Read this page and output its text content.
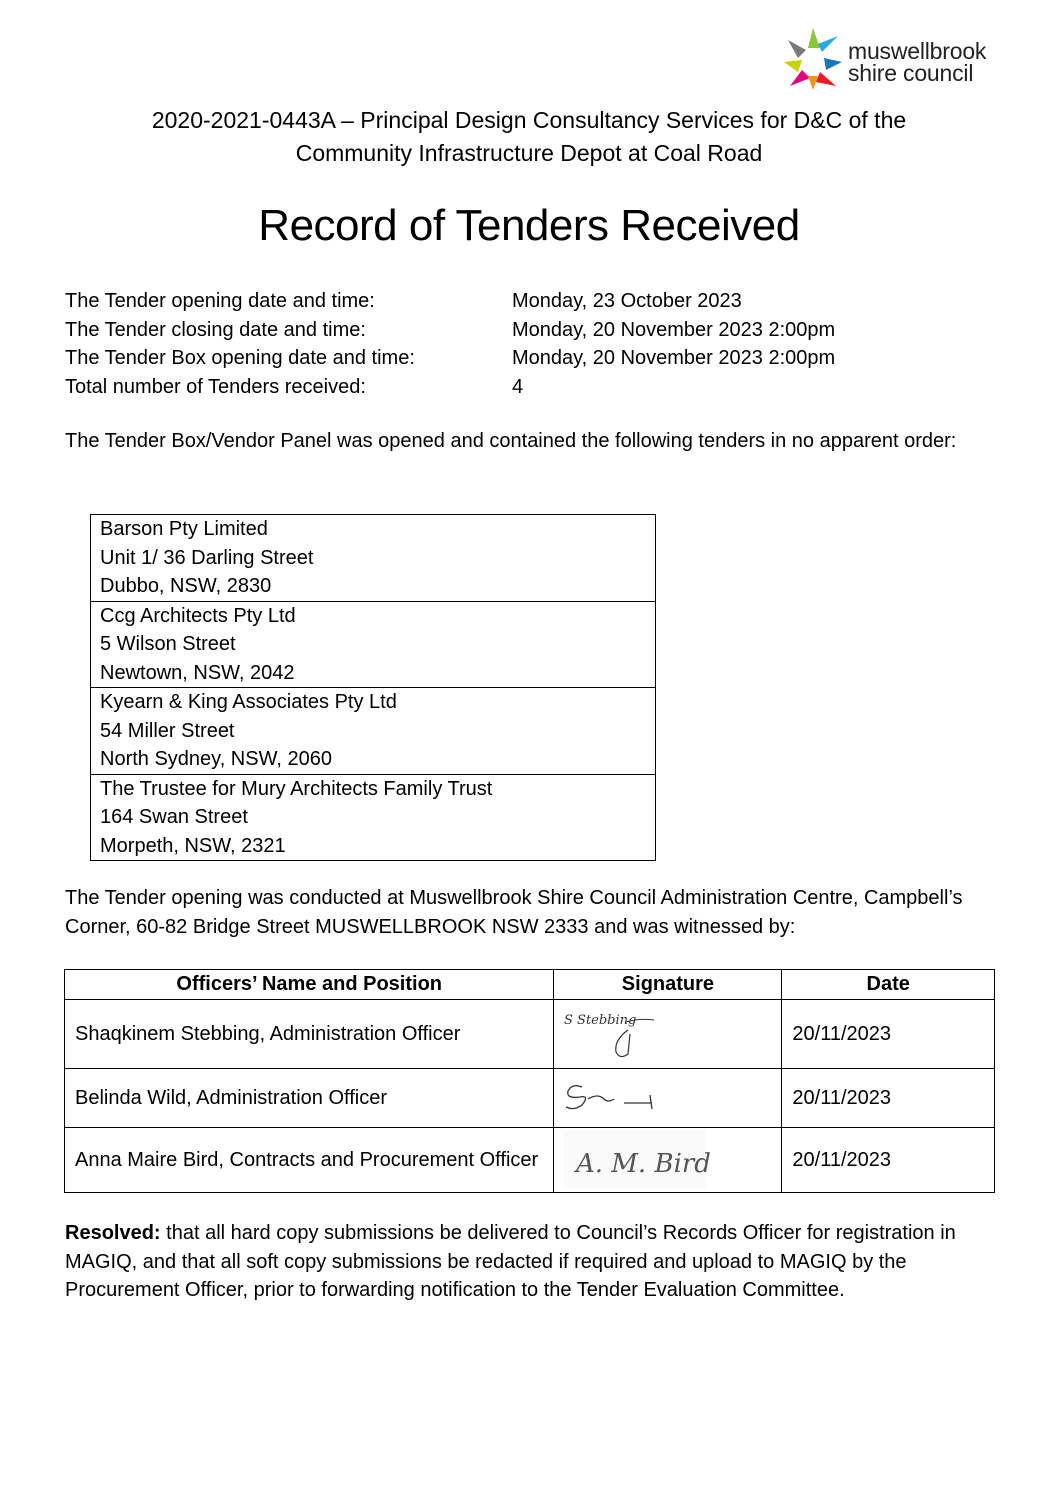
muswellbrook
shire council
2020-2021-0443A – Principal Design Consultancy Services for D&C of the
Community Infrastructure Depot at Coal Road
Record of Tenders Received
The Tender opening date and time:	Monday, 23 October 2023
The Tender closing date and time:	Monday, 20 November 2023 2:00pm
The Tender Box opening date and time:	Monday, 20 November 2023 2:00pm
Total number of Tenders received:	4
The Tender Box/Vendor Panel was opened and contained the following tenders in no apparent order:
Barson Pty Limited
Unit 1/ 36 Darling Street
Dubbo, NSW, 2830

Ccg Architects Pty Ltd
5 Wilson Street
Newtown, NSW, 2042

Kyearn & King Associates Pty Ltd
54 Miller Street
North Sydney, NSW, 2060

The Trustee for Mury Architects Family Trust
164 Swan Street
Morpeth, NSW, 2321
The Tender opening was conducted at Muswellbrook Shire Council Administration Centre, Campbell’s Corner, 60-82 Bridge Street MUSWELLBROOK NSW 2333 and was witnessed by:
Officers’ Name and Position	Signature	Date
Shaqkinem Stebbing, Administration Officer	S Stebbing	20/11/2023
Belinda Wild, Administration Officer		20/11/2023
Anna Maire Bird, Contracts and Procurement Officer	A. M. Bird	20/11/2023
Resolved: that all hard copy submissions be delivered to Council’s Records Officer for registration in MAGIQ, and that all soft copy submissions be redacted if required and upload to MAGIQ by the Procurement Officer, prior to forwarding notification to the Tender Evaluation Committee.
